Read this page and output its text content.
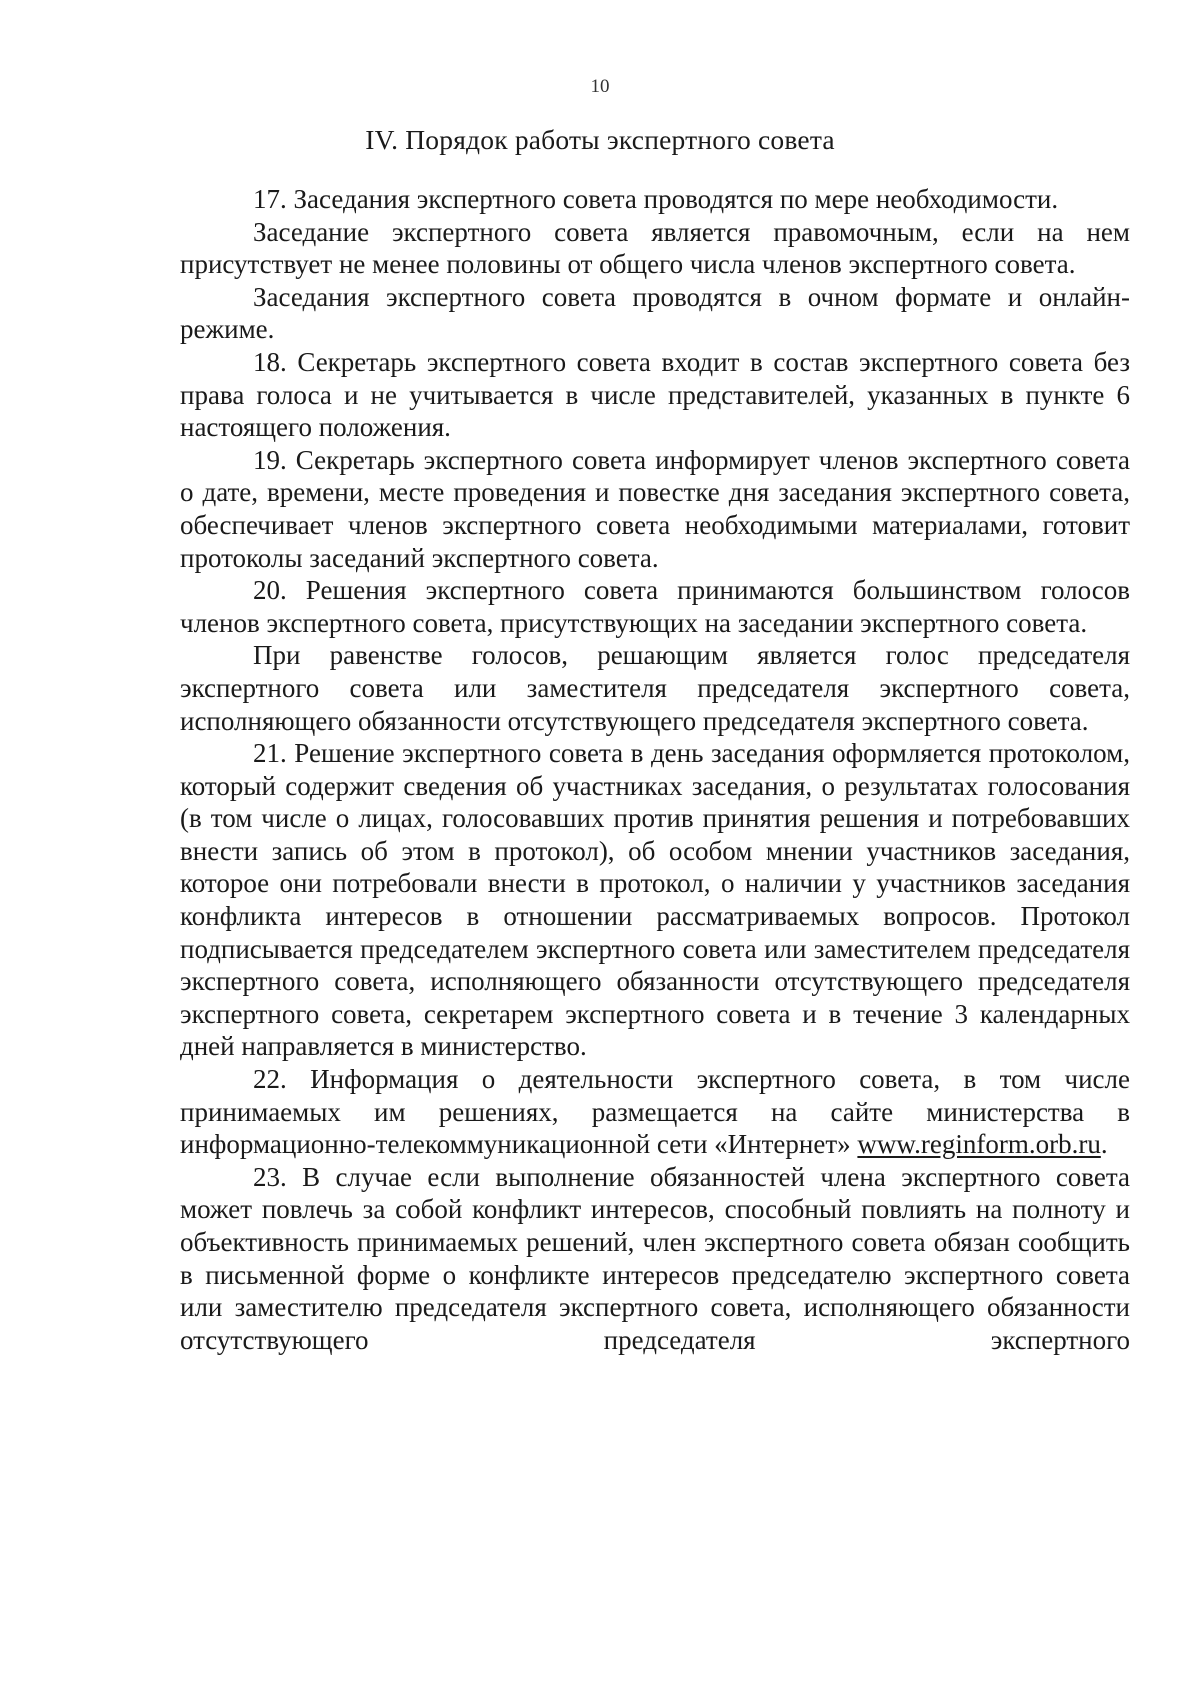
10
IV. Порядок работы экспертного совета

17. Заседания экспертного совета проводятся по мере необходимости.

Заседание экспертного совета является правомочным, если на нем присутствует не менее половины от общего числа членов экспертного совета.

Заседания экспертного совета проводятся в очном формате и онлайн-режиме.

18. Секретарь экспертного совета входит в состав экспертного совета без права голоса и не учитывается в числе представителей, указанных в пункте 6 настоящего положения.

19. Секретарь экспертного совета информирует членов экспертного совета о дате, времени, месте проведения и повестке дня заседания экспертного совета, обеспечивает членов экспертного совета необходимыми материалами, готовит протоколы заседаний экспертного совета.

20. Решения экспертного совета принимаются большинством голосов членов экспертного совета, присутствующих на заседании экспертного совета.

При равенстве голосов, решающим является голос председателя экспертного совета или заместителя председателя экспертного совета, исполняющего обязанности отсутствующего председателя экспертного совета.

21. Решение экспертного совета в день заседания оформляется протоколом, который содержит сведения об участниках заседания, о результатах голосования (в том числе о лицах, голосовавших против принятия решения и потребовавших внести запись об этом в протокол), об особом мнении участников заседания, которое они потребовали внести в протокол, о наличии у участников заседания конфликта интересов в отношении рассматриваемых вопросов. Протокол подписывается председателем экспертного совета или заместителем председателя экспертного совета, исполняющего обязанности отсутствующего председателя экспертного совета, секретарем экспертного совета и в течение 3 календарных дней направляется в министерство.

22. Информация о деятельности экспертного совета, в том числе принимаемых им решениях, размещается на сайте министерства в информационно-телекоммуникационной сети «Интернет» www.reginform.orb.ru.

23. В случае если выполнение обязанностей члена экспертного совета может повлечь за собой конфликт интересов, способный повлиять на полноту и объективность принимаемых решений, член экспертного совета обязан сообщить в письменной форме о конфликте интересов председателю экспертного совета или заместителю председателя экспертного совета, исполняющего обязанности отсутствующего председателя экспертного
